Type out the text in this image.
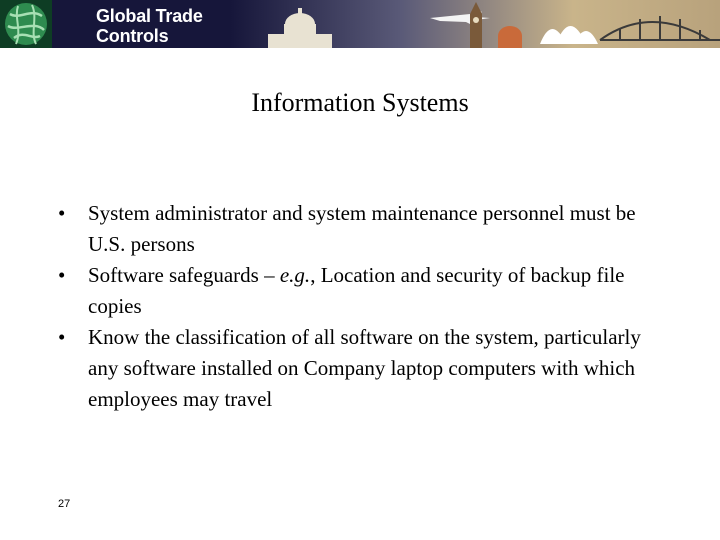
Global Trade
Controls
Information Systems
• System administrator and system maintenance personnel must be U.S. persons
• Software safeguards – e.g., Location and security of backup file copies
• Know the classification of all software on the system, particularly any software installed on Company laptop computers with which employees may travel
27
